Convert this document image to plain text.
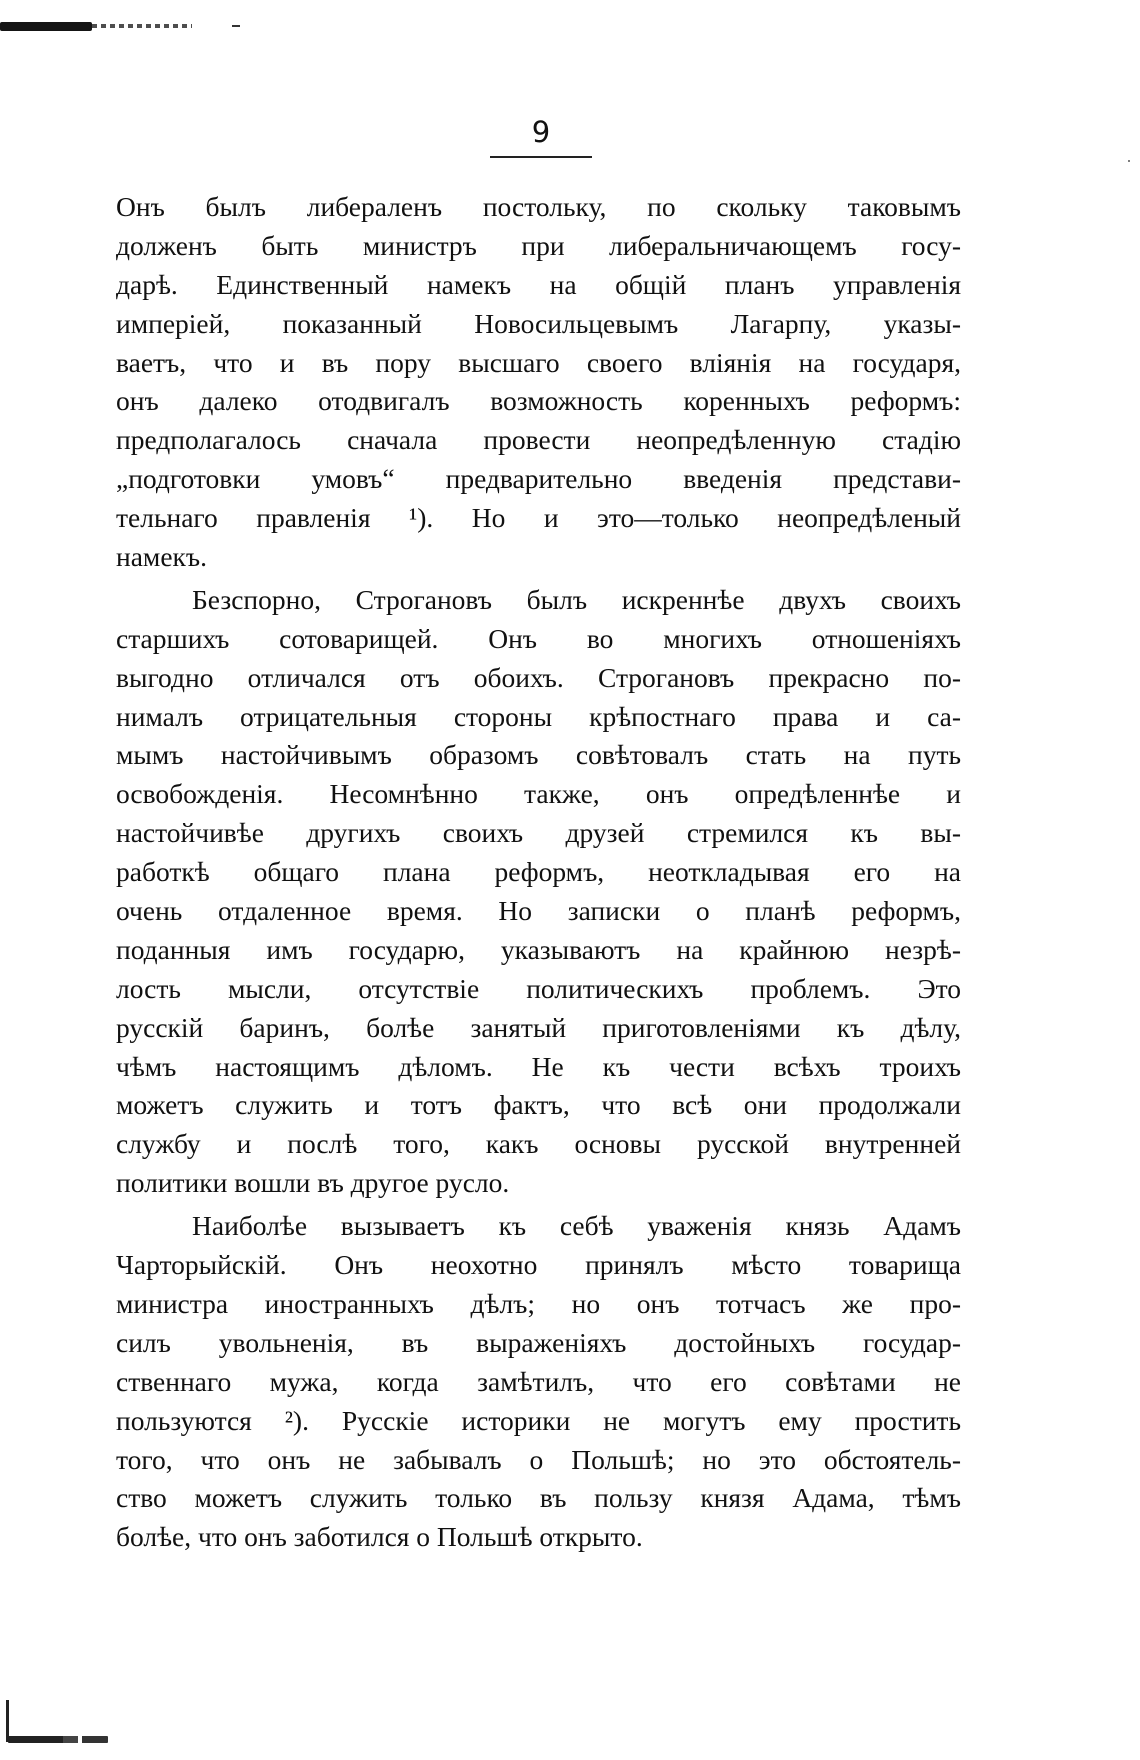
9
Онъ былъ либераленъ постольку, по скольку таковымъ
долженъ быть министръ при либеральничающемъ госу-
дарѣ. Единственный намекъ на общій планъ управленія
имперіей, показанный Новосильцевымъ Лагарпу, указы-
ваетъ, что и въ пору высшаго своего вліянія на государя,
онъ далеко отодвигалъ возможность коренныхъ реформъ:
предполагалось сначала провести неопредѣленную стадію
„подготовки умовъ“ предварительно введенія представи-
тельнаго правленія ¹). Но и это—только неопредѣленый
намекъ.
Безспорно, Строгановъ былъ искреннѣе двухъ своихъ
старшихъ сотоварищей. Онъ во многихъ отношеніяхъ
выгодно отличался отъ обоихъ. Строгановъ прекрасно по-
нималъ отрицательныя стороны крѣпостнаго права и са-
мымъ настойчивымъ образомъ совѣтовалъ стать на путь
освобожденія. Несомнѣнно также, онъ опредѣленнѣе и
настойчивѣе другихъ своихъ друзей стремился къ вы-
работкѣ общаго плана реформъ, неоткладывая его на
очень отдаленное время. Но записки о планѣ реформъ,
поданныя имъ государю, указываютъ на крайнюю незрѣ-
лость мысли, отсутствіе политическихъ проблемъ. Это
русскій баринъ, болѣе занятый приготовленіями къ дѣлу,
чѣмъ настоящимъ дѣломъ. Не къ чести всѣхъ троихъ
можетъ служить и тотъ фактъ, что всѣ они продолжали
службу и послѣ того, какъ основы русской внутренней
политики вошли въ другое русло.
Наиболѣе вызываетъ къ себѣ уваженія князь Адамъ
Чарторыйскій. Онъ неохотно принялъ мѣсто товарища
министра иностранныхъ дѣлъ; но онъ тотчасъ же про-
силъ увольненія, въ выраженіяхъ достойныхъ государ-
ственнаго мужа, когда замѣтилъ, что его совѣтами не
пользуются ²). Русскіе историки не могутъ ему простить
того, что онъ не забывалъ о Польшѣ; но это обстоятель-
ство можетъ служить только въ пользу князя Адама, тѣмъ
болѣе, что онъ заботился о Польшѣ открыто.
